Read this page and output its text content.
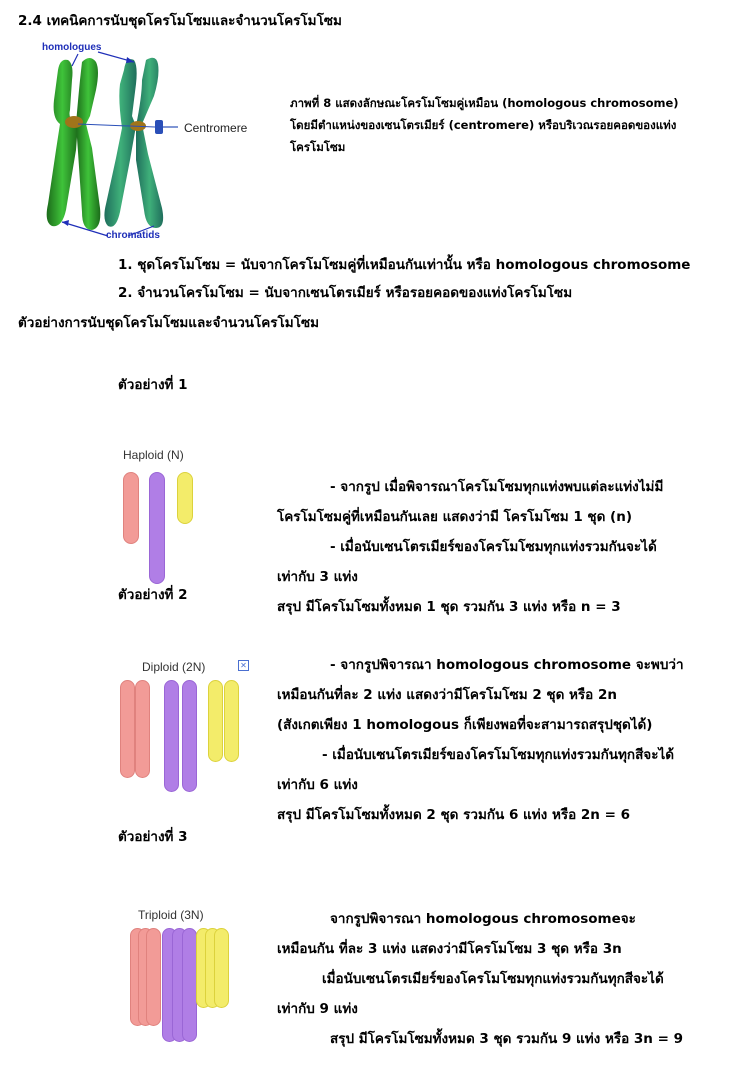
2.4 เทคนิคการนับชุดโครโมโซมและจำนวนโครโมโซม
homologues
Centromere
chromatids
ภาพที่ 8 แสดงลักษณะโครโมโซมคู่เหมือน (homologous chromosome)
โดยมีตำแหน่งของเซนโตรเมียร์ (centromere) หรือบริเวณรอยคอดของแท่ง
โครโมโซม
1. ชุดโครโมโซม = นับจากโครโมโซมคู่ที่เหมือนกันเท่านั้น หรือ homologous chromosome
2. จำนวนโครโมโซม = นับจากเซนโตรเมียร์ หรือรอยคอดของแท่งโครโมโซม
ตัวอย่างการนับชุดโครโมโซมและจำนวนโครโมโซม
ตัวอย่างที่ 1
Haploid (N)
- จากรูป เมื่อพิจารณาโครโมโซมทุกแท่งพบแต่ละแท่งไม่มี
โครโมโซมคู่ที่เหมือนกันเลย แสดงว่ามี โครโมโซม 1 ชุด (n)
- เมื่อนับเซนโตรเมียร์ของโครโมโซมทุกแท่งรวมกันจะได้
เท่ากับ 3 แท่ง
สรุป มีโครโมโซมทั้งหมด 1 ชุด รวมกัน 3 แท่ง หรือ n = 3
ตัวอย่างที่ 2
Diploid (2N)	✕	- จากรูปพิจารณา homologous chromosome จะพบว่า
เหมือนกันที่ละ 2 แท่ง แสดงว่ามีโครโมโซม 2 ชุด หรือ 2n
(สังเกตเพียง 1 homologous ก็เพียงพอที่จะสามารถสรุปชุดได้)
- เมื่อนับเซนโตรเมียร์ของโครโมโซมทุกแท่งรวมกันทุกสีจะได้
เท่ากับ 6 แท่ง
สรุป มีโครโมโซมทั้งหมด 2 ชุด รวมกัน 6 แท่ง หรือ 2n = 6
ตัวอย่างที่ 3
Triploid (3N)	จากรูปพิจารณา homologous chromosomeจะ
เหมือนกัน ที่ละ 3 แท่ง แสดงว่ามีโครโมโซม 3 ชุด หรือ 3n
เมื่อนับเซนโตรเมียร์ของโครโมโซมทุกแท่งรวมกันทุกสีจะได้
เท่ากับ 9 แท่ง
สรุป มีโครโมโซมทั้งหมด 3 ชุด รวมกัน 9 แท่ง หรือ 3n = 9
